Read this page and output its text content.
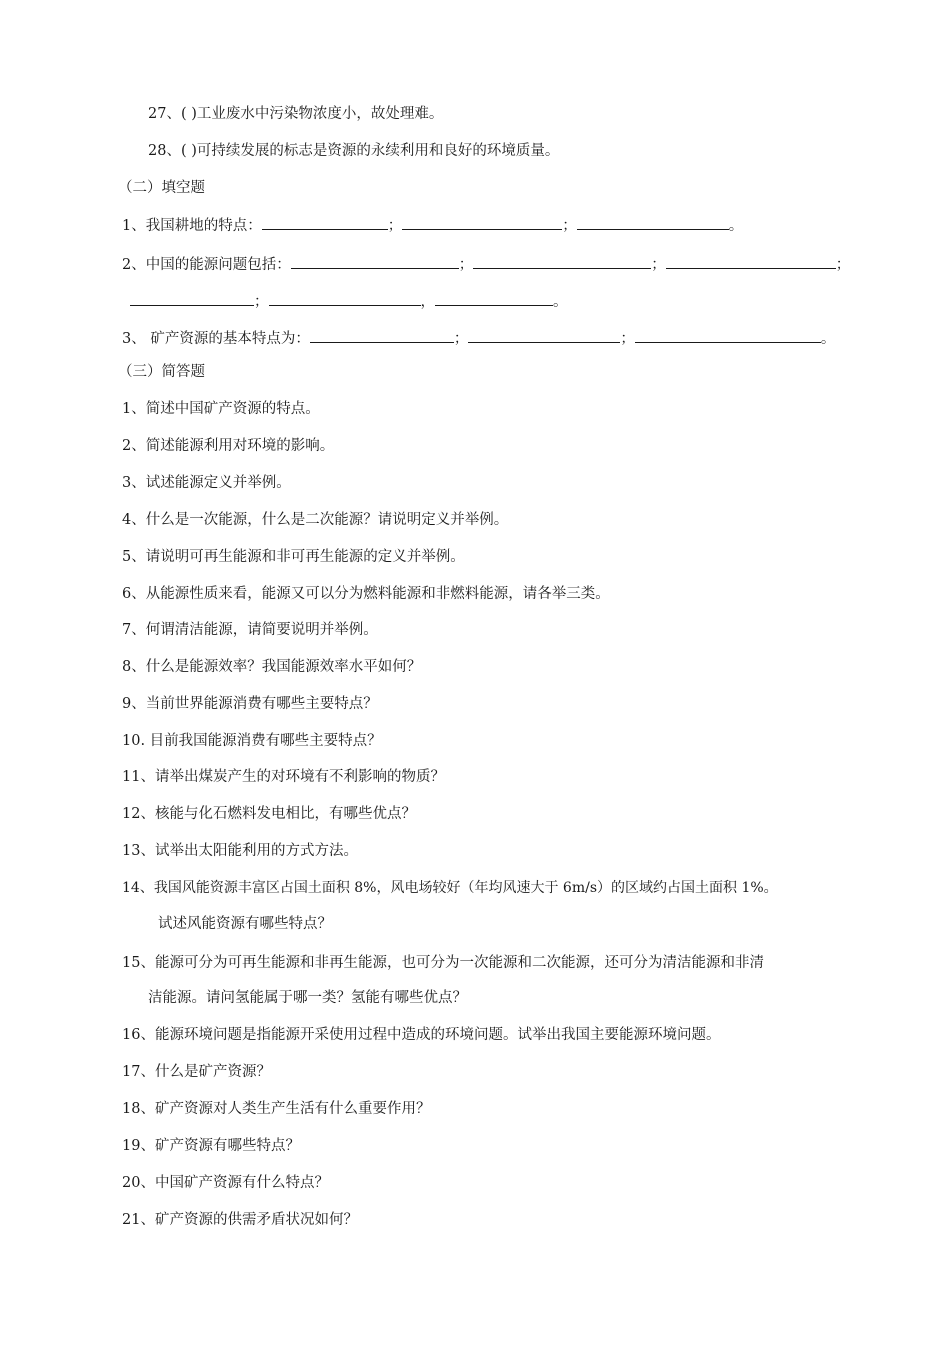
27、( )工业废水中污染物浓度小，故处理难。
28、( )可持续发展的标志是资源的永续利用和良好的环境质量。
（二）填空题
1、我国耕地的特点：	；	；	。
2、中国的能源问题包括：	；	；	；
；	，	。
3、 矿产资源的基本特点为：	；	；	。
（三）简答题
1、简述中国矿产资源的特点。
2、简述能源利用对环境的影响。
3、试述能源定义并举例。
4、什么是一次能源，什么是二次能源？请说明定义并举例。
5、请说明可再生能源和非可再生能源的定义并举例。
6、从能源性质来看，能源又可以分为燃料能源和非燃料能源，请各举三类。
7、何谓清洁能源，请简要说明并举例。
8、什么是能源效率？我国能源效率水平如何？
9、当前世界能源消费有哪些主要特点？
10. 目前我国能源消费有哪些主要特点？
11、请举出煤炭产生的对环境有不利影响的物质？
12、核能与化石燃料发电相比，有哪些优点？
13、试举出太阳能利用的方式方法。
14、我国风能资源丰富区占国土面积 8%，风电场较好（年均风速大于 6m/s）的区域约占国土面积 1%。
试述风能资源有哪些特点？
15、能源可分为可再生能源和非再生能源，也可分为一次能源和二次能源，还可分为清洁能源和非清
洁能源。请问氢能属于哪一类？氢能有哪些优点？
16、能源环境问题是指能源开采使用过程中造成的环境问题。试举出我国主要能源环境问题。
17、什么是矿产资源？
18、矿产资源对人类生产生活有什么重要作用？
19、矿产资源有哪些特点？
20、中国矿产资源有什么特点？
21、矿产资源的供需矛盾状况如何？
